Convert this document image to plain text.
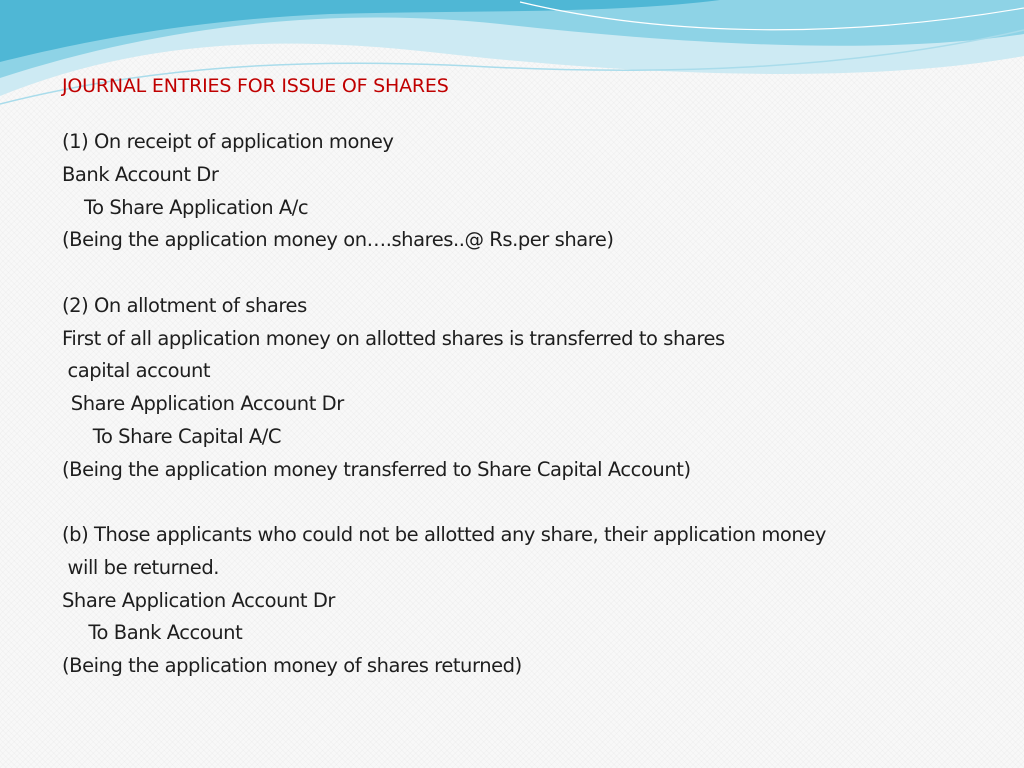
JOURNAL ENTRIES FOR ISSUE OF SHARES
(1) On receipt of application money
Bank Account Dr
To Share Application A/c
(Being the application money on….shares..@ Rs.per share)
(2) On allotment of shares
First of all application money on allotted shares is transferred to shares
capital account
Share Application Account Dr
To Share Capital A/C
(Being the application money transferred to Share Capital Account)
(b) Those applicants who could not be allotted any share, their application money
will be returned.
Share Application Account Dr
To Bank Account
(Being the application money of shares returned)
